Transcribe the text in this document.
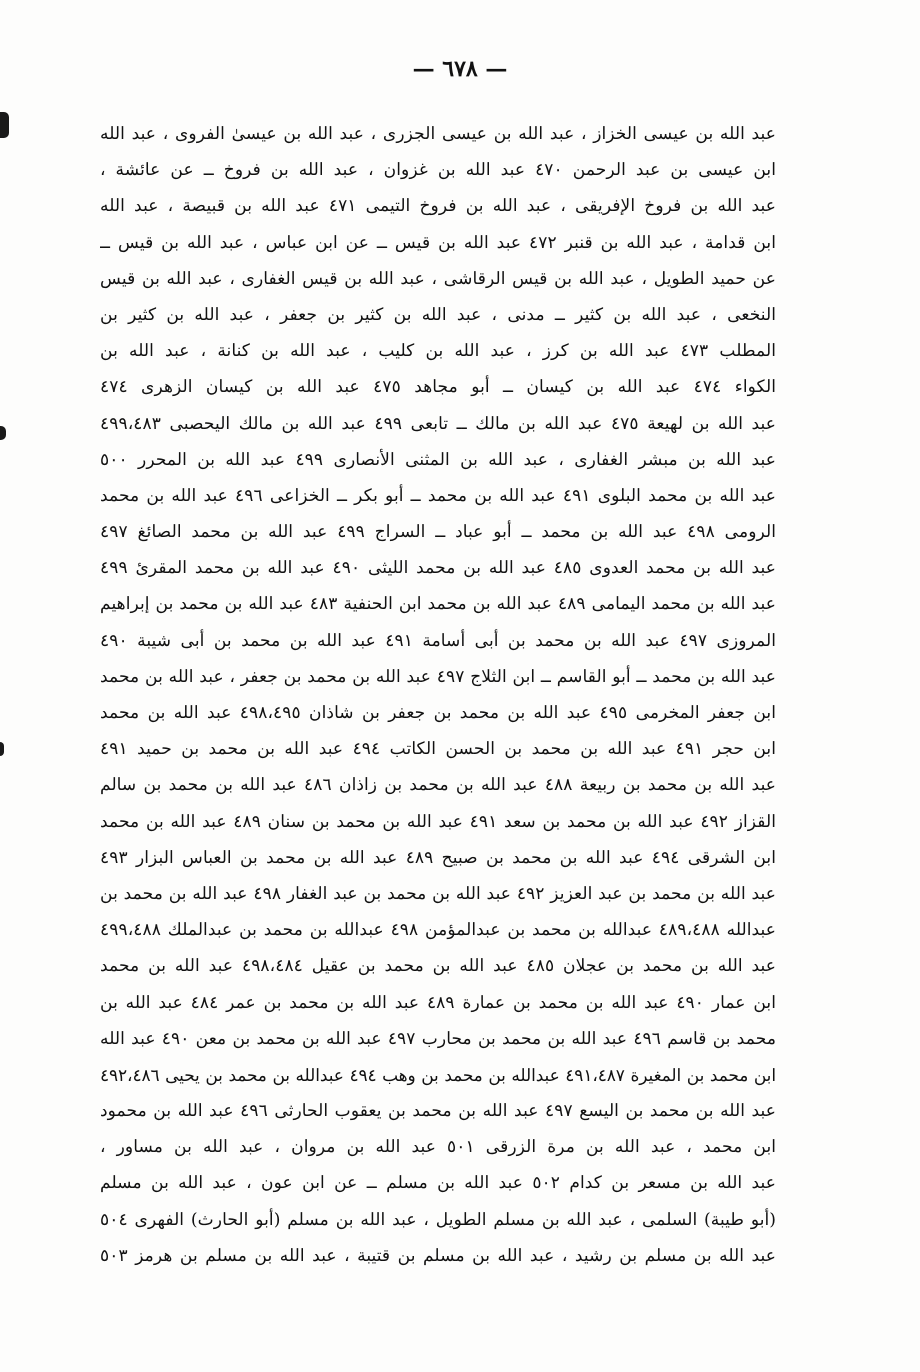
— ٦٧٨ —
عبد الله بن عيسى الخزاز ، عبد الله بن عيسى الجزرى ، عبد الله بن عيسىٰ الفروى ، عبد الله
ابن عيسى بن عبد الرحمن ٤٧٠ عبد الله بن غزوان ، عبد الله بن فروخ ــ عن عائشة ،
عبد الله بن فروخ الإفريقى ، عبد الله بن فروخ التيمى ٤٧١ عبد الله بن قبيصة ، عبد الله
ابن قدامة ، عبد الله بن قنبر ٤٧٢ عبد الله بن قيس ــ عن ابن عباس ، عبد الله بن قيس ــ
عن حميد الطويل ، عبد الله بن قيس الرقاشى ، عبد الله بن قيس الغفارى ، عبد الله بن قيس
النخعى ، عبد الله بن كثير ــ مدنى ، عبد الله بن كثير بن جعفر ، عبد الله بن كثير بن
المطلب ٤٧٣ عبد الله بن كرز ، عبد الله بن كليب ، عبد الله بن كنانة ، عبد الله بن
الكواء ٤٧٤ عبد الله بن كيسان ــ أبو مجاهد ٤٧٥ عبد الله بن كيسان الزهرى ٤٧٤
عبد الله بن لهيعة ٤٧٥ عبد الله بن مالك ــ تابعى ٤٩٩ عبد الله بن مالك اليحصبى ٤٩٩،٤٨٣
عبد الله بن مبشر الغفارى ، عبد الله بن المثنى الأنصارى ٤٩٩ عبد الله بن المحرر ٥٠٠
عبد الله بن محمد البلوى ٤٩١ عبد الله بن محمد ــ أبو بكر ــ الخزاعى ٤٩٦ عبد الله بن محمد
الرومى ٤٩٨ عبد الله بن محمد ــ أبو عباد ــ السراج ٤٩٩ عبد الله بن محمد الصائغ ٤٩٧
عبد الله بن محمد العدوى ٤٨٥ عبد الله بن محمد الليثى ٤٩٠ عبد الله بن محمد المقرئ ٤٩٩
عبد الله بن محمد اليمامى ٤٨٩ عبد الله بن محمد ابن الحنفية ٤٨٣ عبد الله بن محمد بن إبراهيم
المروزى ٤٩٧ عبد الله بن محمد بن أبى أسامة ٤٩١ عبد الله بن محمد بن أبى شيبة ٤٩٠
عبد الله بن محمد ــ أبو القاسم ــ ابن الثلاج ٤٩٧ عبد الله بن محمد بن جعفر ، عبد الله بن محمد
ابن جعفر المخرمى ٤٩٥ عبد الله بن محمد بن جعفر بن شاذان ٤٩٨،٤٩٥ عبد الله بن محمد
ابن حجر ٤٩١ عبد الله بن محمد بن الحسن الكاتب ٤٩٤ عبد الله بن محمد بن حميد ٤٩١
عبد الله بن محمد بن ربيعة ٤٨٨ عبد الله بن محمد بن زاذان ٤٨٦ عبد الله بن محمد بن سالم
القزاز ٤٩٢ عبد الله بن محمد بن سعد ٤٩١ عبد الله بن محمد بن سنان ٤٨٩ عبد الله بن محمد
ابن الشرقى ٤٩٤ عبد الله بن محمد بن صبيح ٤٨٩ عبد الله بن محمد بن العباس البزار ٤٩٣
عبد الله بن محمد بن عبد العزيز ٤٩٢ عبد الله بن محمد بن عبد الغفار ٤٩٨ عبد الله بن محمد بن
عبدالله ٤٨٩،٤٨٨ عبدالله بن محمد بن عبدالمؤمن ٤٩٨ عبدالله بن محمد بن عبدالملك ٤٩٩،٤٨٨
عبد الله بن محمد بن عجلان ٤٨٥ عبد الله بن محمد بن عقيل ٤٩٨،٤٨٤ عبد الله بن محمد
ابن عمار ٤٩٠ عبد الله بن محمد بن عمارة ٤٨٩ عبد الله بن محمد بن عمر ٤٨٤ عبد الله بن
محمد بن قاسم ٤٩٦ عبد الله بن محمد بن محارب ٤٩٧ عبد الله بن محمد بن معن ٤٩٠ عبد الله
ابن محمد بن المغيرة ٤٩١،٤٨٧ عبدالله بن محمد بن وهب ٤٩٤ عبدالله بن محمد بن يحيى ٤٩٢،٤٨٦
عبد الله بن محمد بن اليسع ٤٩٧ عبد الله بن محمد بن يعقوب الحارثى ٤٩٦ عبد الله بن محمود
ابن محمد ، عبد الله بن مرة الزرقى ٥٠١ عبد الله بن مروان ، عبد الله بن مساور ،
عبد الله بن مسعر بن كدام ٥٠٢ عبد الله بن مسلم ــ عن ابن عون ، عبد الله بن مسلم
(أبو طيبة) السلمى ، عبد الله بن مسلم الطويل ، عبد الله بن مسلم (أبو الحارث) الفهرى ٥٠٤
عبد الله بن مسلم بن رشيد ، عبد الله بن مسلم بن قتيبة ، عبد الله بن مسلم بن هرمز ٥٠٣
